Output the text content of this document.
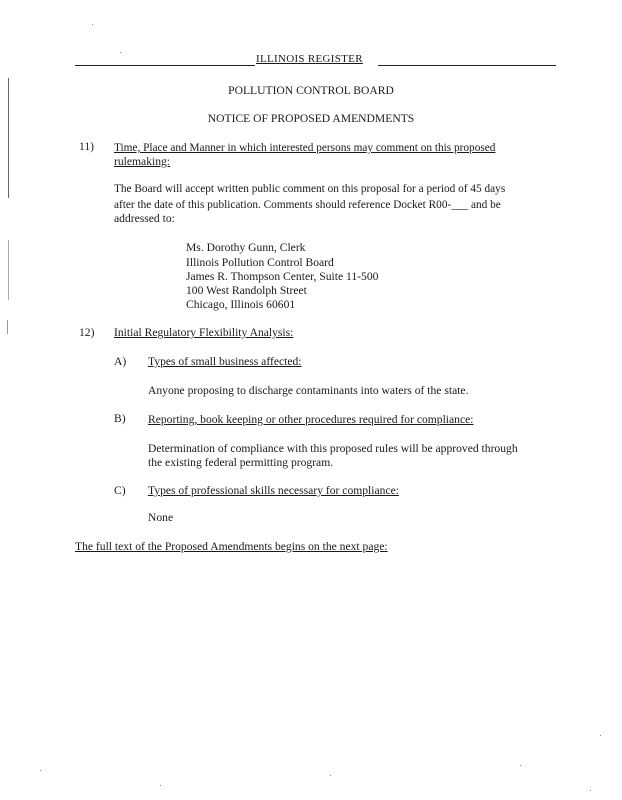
ILLINOIS REGISTER
POLLUTION CONTROL BOARD
NOTICE OF PROPOSED AMENDMENTS
11) Time, Place and Manner in which interested persons may comment on this proposed
rulemaking:
The Board will accept written public comment on this proposal for a period of 45 days
after the date of this publication. Comments should reference Docket R00-___ and be
addressed to:
Ms. Dorothy Gunn, Clerk
Illinois Pollution Control Board
James R. Thompson Center, Suite 11-500
100 West Randolph Street
Chicago, Illinois 60601
12) Initial Regulatory Flexibility Analysis:
A) Types of small business affected:
Anyone proposing to discharge contaminants into waters of the state.
B) Reporting, book keeping or other procedures required for compliance:
Determination of compliance with this proposed rules will be approved through
the existing federal permitting program.
C) Types of professional skills necessary for compliance:
None
The full text of the Proposed Amendments begins on the next page:
